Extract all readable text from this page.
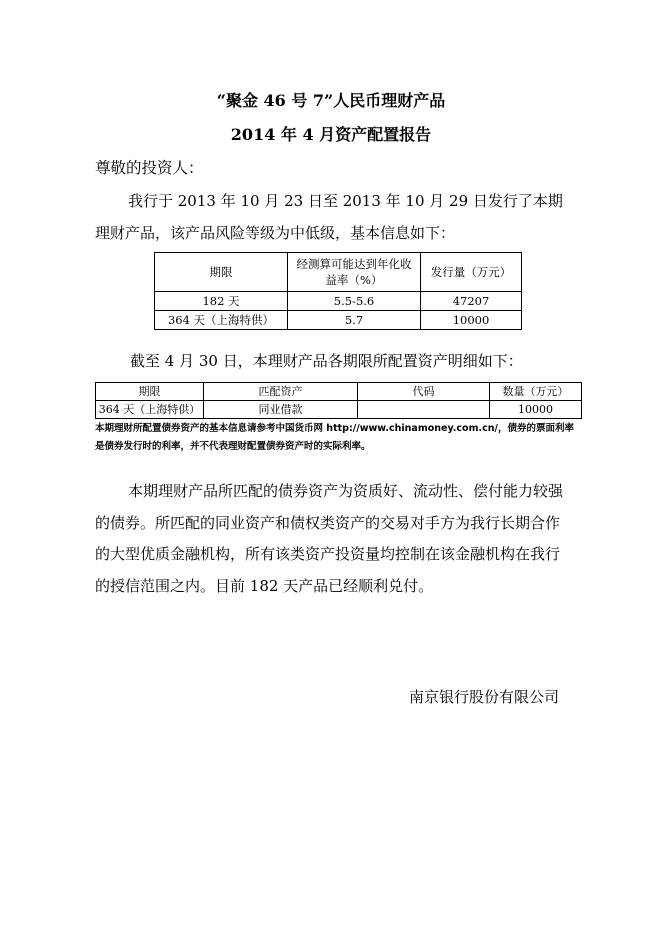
“聚金 46 号 7”人民币理财产品
2014 年 4 月资产配置报告
尊敬的投资人：
我行于 2013 年 10 月 23 日至 2013 年 10 月 29 日发行了本期理财产品，该产品风险等级为中低级，基本信息如下：
期限	经测算可能达到年化收益率（%）	发行量（万元）
182 天	5.5-5.6	47207
364 天（上海特供）	5.7	10000
截至 4 月 30 日，本理财产品各期限所配置资产明细如下：
期限	匹配资产	代码	数量（万元）
364 天（上海特供）	同业借款		10000
本期理财所配置债券资产的基本信息请参考中国货币网 http://www.chinamoney.com.cn/，债券的票面利率是债券发行时的利率，并不代表理财配置债券资产时的实际利率。
本期理财产品所匹配的债券资产为资质好、流动性、偿付能力较强的债券。所匹配的同业资产和债权类资产的交易对手方为我行长期合作的大型优质金融机构，所有该类资产投资量均控制在该金融机构在我行的授信范围之内。目前 182 天产品已经顺利兑付。
南京银行股份有限公司
